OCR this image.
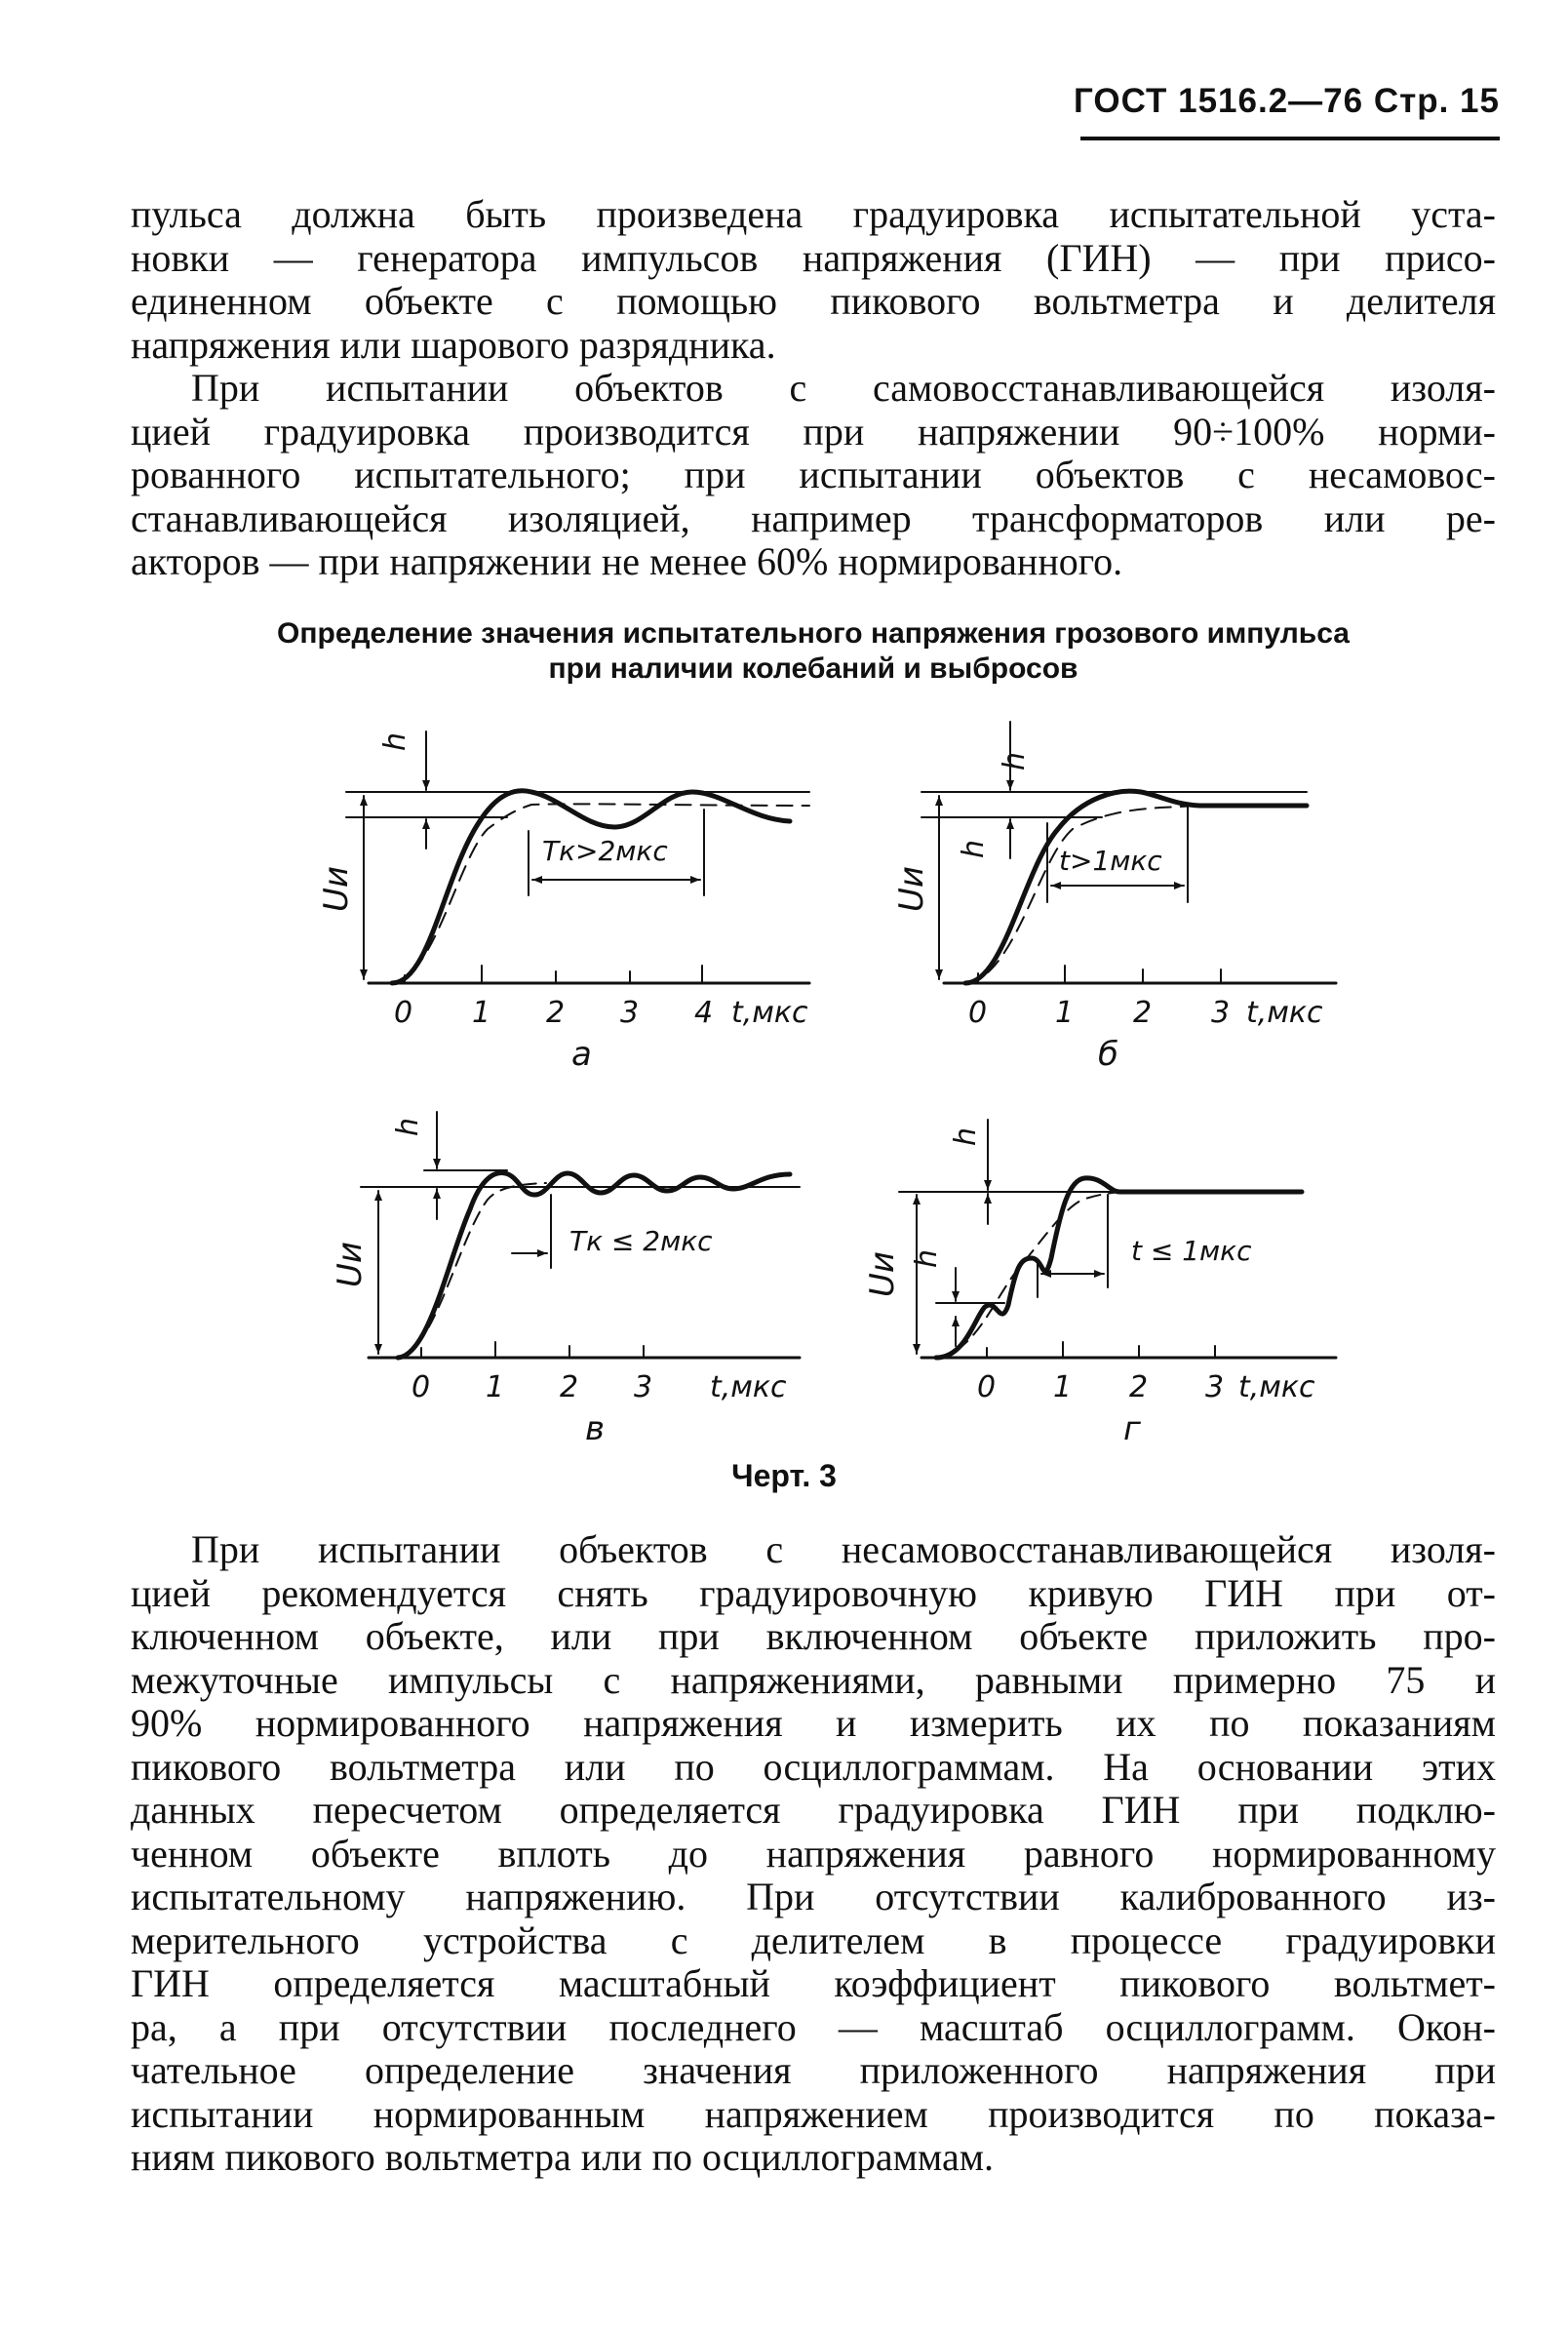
ГОСТ 1516.2—76 Стр. 15
пульса должна быть произведена градуировка испытательной уста-
новки — генератора импульсов напряжения (ГИН) — при присо-
единенном объекте с помощью пикового вольтметра и делителя
напряжения или шарового разрядника.
При испытании объектов с самовосстанавливающейся изоля-
цией градуировка производится при напряжении 90÷100% норми-
рованного испытательного; при испытании объектов с несамовос-
станавливающейся изоляцией, например трансформаторов или ре-
акторов — при напряжении не менее 60% нормированного.
Определение значения испытательного напряжения грозового импульса
при наличии колебаний и выбросов
h
Uи
Tк>2мкс
0 1 2 3 4 t,мкс
а
h
h
Uи
t>1мкс
0 1 2 3 t,мкс
б
h
Uи
Tк ≤ 2мкс
0 1 2 3 t,мкс
в
h
h
Uи
t ≤ 1мкс
0 1 2 3 t,мкс
г
Черт. 3
При испытании объектов с несамовосстанавливающейся изоля-
цией рекомендуется снять градуировочную кривую ГИН при от-
ключенном объекте, или при включенном объекте приложить про-
межуточные импульсы с напряжениями, равными примерно 75 и
90% нормированного напряжения и измерить их по показаниям
пикового вольтметра или по осциллограммам. На основании этих
данных пересчетом определяется градуировка ГИН при подклю-
ченном объекте вплоть до напряжения равного нормированному
испытательному напряжению. При отсутствии калиброванного из-
мерительного устройства с делителем в процессе градуировки
ГИН определяется масштабный коэффициент пикового вольтмет-
ра, а при отсутствии последнего — масштаб осциллограмм. Окон-
чательное определение значения приложенного напряжения при
испытании нормированным напряжением производится по показа-
ниям пикового вольтметра или по осциллограммам.
